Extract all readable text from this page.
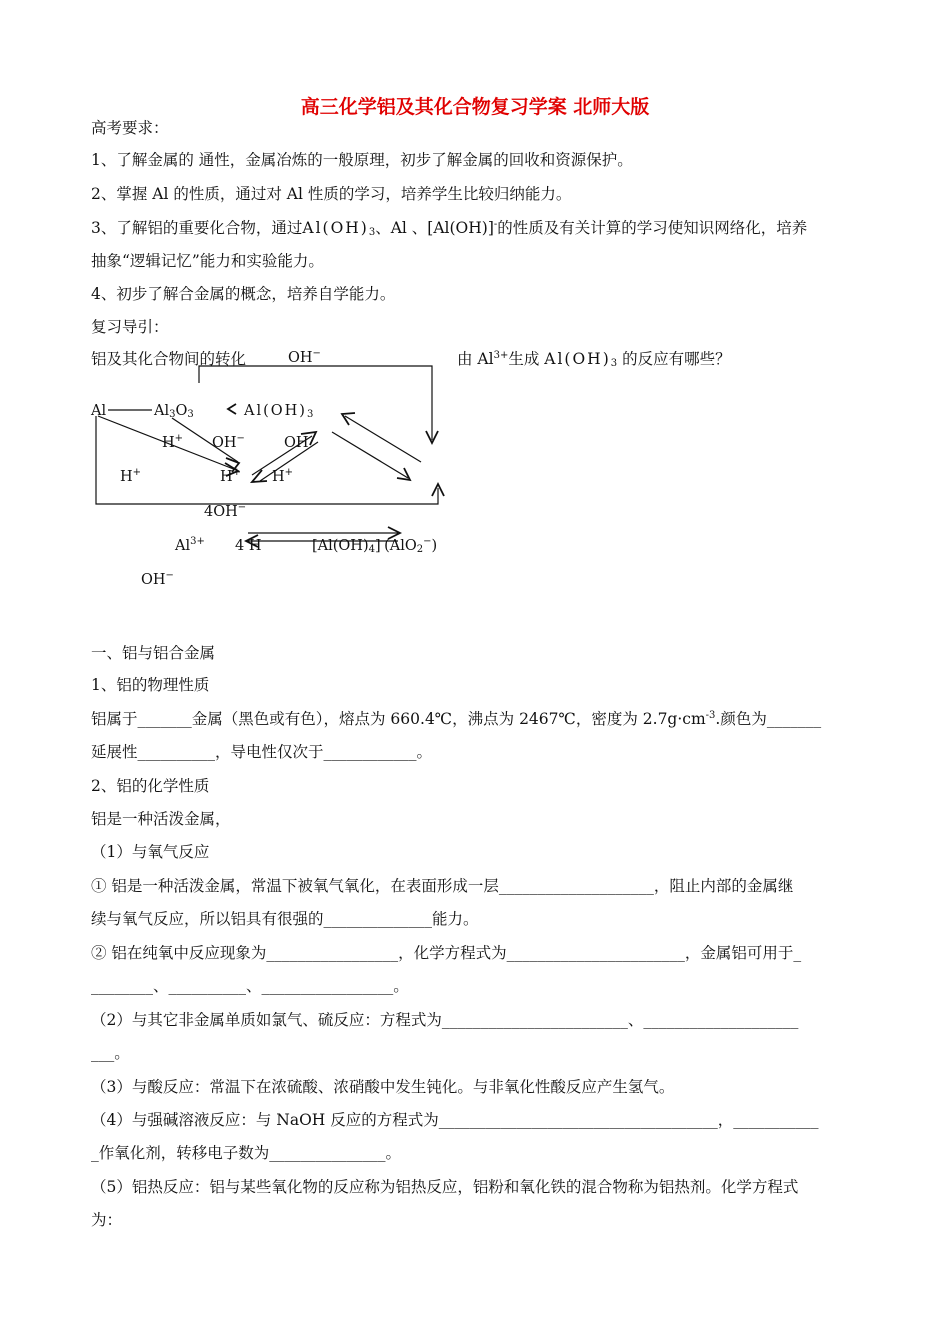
高三化学铝及其化合物复习学案 北师大版
高考要求：
1、了解金属的 通性，金属冶炼的一般原理，初步了解金属的回收和资源保护。
2、掌握 Al 的性质，通过对 Al 性质的学习，培养学生比较归纳能力。
3、了解铝的重要化合物，通过$Al(OH)_3$、Al 、[Al(OH)]-的性质及有关计算的学习使知识网络化，培养
抽象“逻辑记忆”能力和实验能力。
4、初步了解合金属的概念，培养自学能力。
复习导引：
铝及其化合物间的转化	由 $Al^{3+}$生成 $Al(OH)_3$ 的反应有哪些？
OH−
Al	$Al_3O_3$	$Al(OH)_3$
H+ OH−	OH
H+	H+ H+
4OH−
$Al^{3+}$ 4 H	$[Al(OH)_4]^-(AlO_2^-)$
OH−
一、铝与铝合金属
1、铝的物理性质
铝属于_______金属（黑色或有色），熔点为 660.4℃，沸点为 2467℃，密度为 $2.7g\cdot cm^{-3}$.颜色为_______
延展性__________，导电性仅次于____________。
2、铝的化学性质
铝是一种活泼金属，
（1）与氧气反应
① 铝是一种活泼金属，常温下被氧气氧化，在表面形成一层____________________，阻止内部的金属继
续与氧气反应，所以铝具有很强的______________能力。
② 铝在纯氧中反应现象为_________________，化学方程式为_______________________，金属铝可用于_
________、__________、_________________。
（2）与其它非金属单质如氯气、硫反应：方程式为________________________、____________________
___。
（3）与酸反应：常温下在浓硫酸、浓硝酸中发生钝化。与非氧化性酸反应产生氢气。
（4）与强碱溶液反应：与 NaOH 反应的方程式为____________________________________，___________
_作氧化剂，转移电子数为_______________。
（5）铝热反应：铝与某些氧化物的反应称为铝热反应，铝粉和氧化铁的混合物称为铝热剂。化学方程式
为：
